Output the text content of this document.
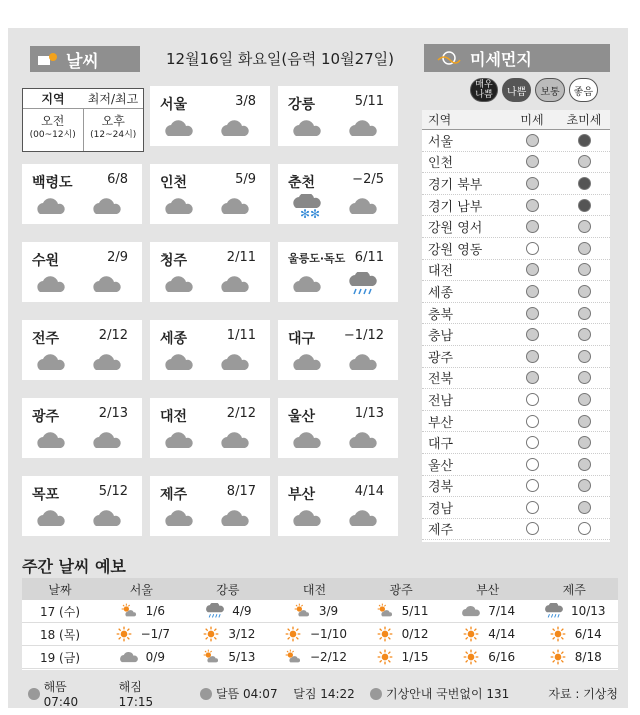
날씨	12월16일 화요일(음력 10월27일)
지역	최저/최고
오전
(00~12시)
오후
(12~24시)
서울	3/8 강릉	5/11
백령도	6/8 인천	5/9 춘천	−2/5
✻✻
수원	2/9 청주	2/11	울릉도·독도 6/11
전주	2/12 세종	1/11 대구 −1/12
광주	2/13 대전	2/12 울산	1/13
목포	5/12 제주	8/17 부산	4/14
미세먼지
매우 나쁨	나쁨	보통	좋음
지역	미세	초미세
서울
인천
경기 북부
경기 남부
강원 영서
강원 영동
대전
세종
충북
충남
광주
전북
전남
부산
대구
울산
경북
경남
제주
주간 날씨 예보
날짜	서울	강릉	대전	광주	부산	제주
17 (수)	1/6	4/9	3/9	5/11	7/14	10/13
18 (목)	−1/7	3/12	−1/10	0/12	4/14	6/14
19 (금)	0/9	5/13	−2/12	1/15	6/16	8/18
해뜸 07:40

해짐 17:15
달뜸 04:07
달짐 14:22	기상안내 국번없이 131	자료 : 기상청
